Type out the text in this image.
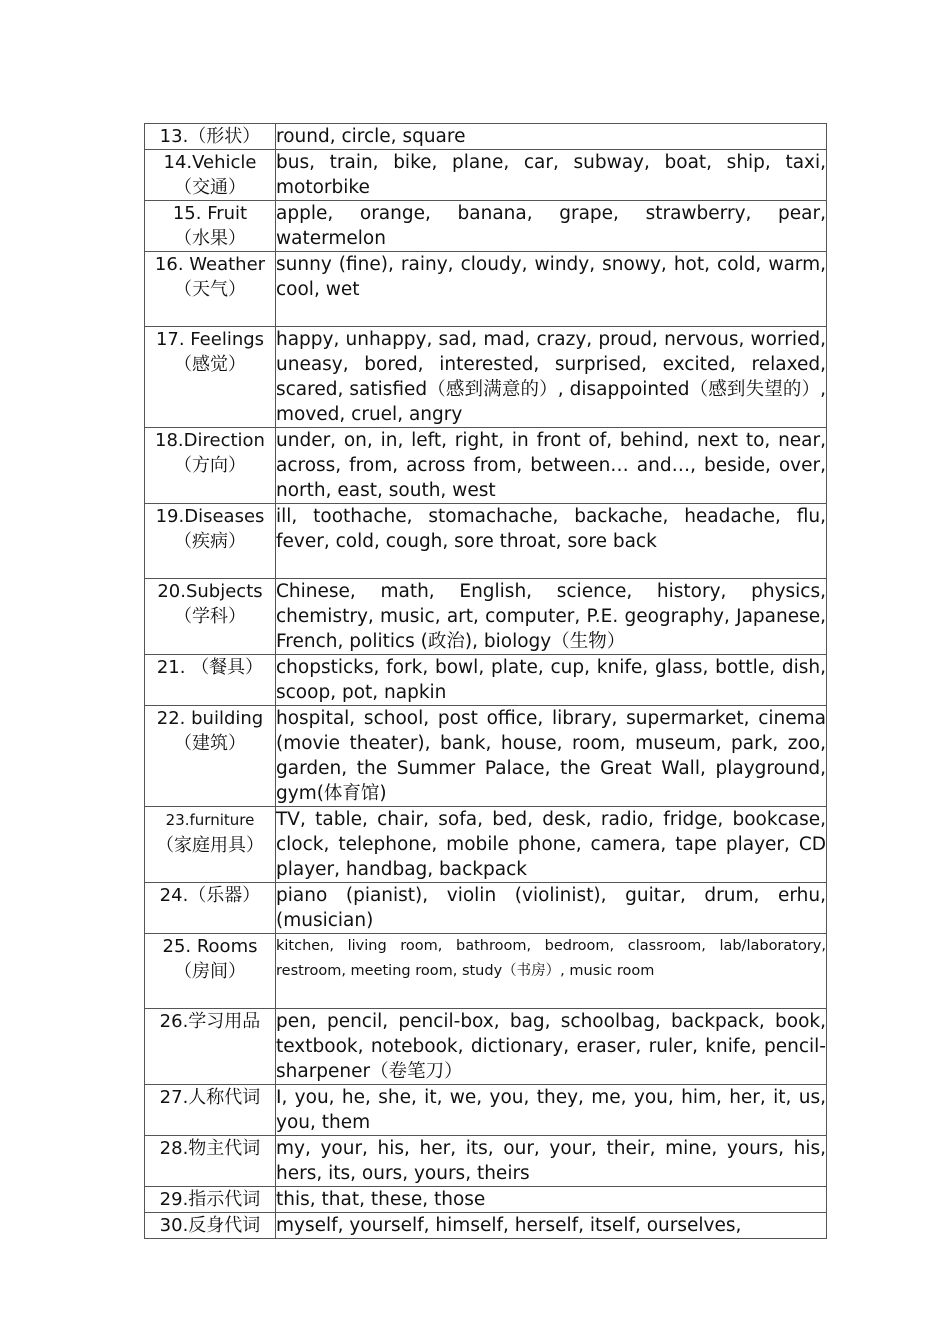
13.（形状）	round, circle, square
14.Vehicle
（交通）	bus, train, bike, plane, car, subway, boat, ship, taxi, motorbike
15. Fruit
（水果）	apple, orange, banana, grape, strawberry, pear, watermelon
16. Weather
（天气）	sunny (fine), rainy, cloudy, windy, snowy, hot, cold, warm, cool, wet
17. Feelings
（感觉）	happy, unhappy, sad, mad, crazy, proud, nervous, worried, uneasy, bored, interested, surprised, excited, relaxed, scared, satisfied（感到满意的）, disappointed（感到失望的）, moved, cruel, angry
18.Direction
（方向）	under, on, in, left, right, in front of, behind, next to, near, across, from, across from, between… and…, beside, over, north, east, south, west
19.Diseases
（疾病）	ill, toothache, stomachache, backache, headache, flu, fever, cold, cough, sore throat, sore back
20.Subjects
（学科）	Chinese, math, English, science, history, physics, chemistry, music, art, computer, P.E. geography, Japanese, French, politics (政治), biology（生物）
21. （餐具）	chopsticks, fork, bowl, plate, cup, knife, glass, bottle, dish, scoop, pot, napkin
22. building
（建筑）	hospital, school, post office, library, supermarket, cinema (movie theater), bank, house, room, museum, park, zoo, garden, the Summer Palace, the Great Wall, playground, gym(体育馆)
23.furniture
（家庭用具）	TV, table, chair, sofa, bed, desk, radio, fridge, bookcase, clock, telephone, mobile phone, camera, tape player, CD player, handbag, backpack
24.（乐器）	piano (pianist), violin (violinist), guitar, drum, erhu, (musician)
25. Rooms
（房间）	kitchen, living room, bathroom, bedroom, classroom, lab/laboratory, restroom, meeting room, study（书房）, music room
26.学习用品	pen, pencil, pencil-box, bag, schoolbag, backpack, book, textbook, notebook, dictionary, eraser, ruler, knife, pencil-sharpener（卷笔刀）
27.人称代词	I, you, he, she, it, we, you, they, me, you, him, her, it, us, you, them
28.物主代词	my, your, his, her, its, our, your, their, mine, yours, his, hers, its, ours, yours, theirs
29.指示代词	this, that, these, those
30.反身代词	myself, yourself, himself, herself, itself, ourselves,
